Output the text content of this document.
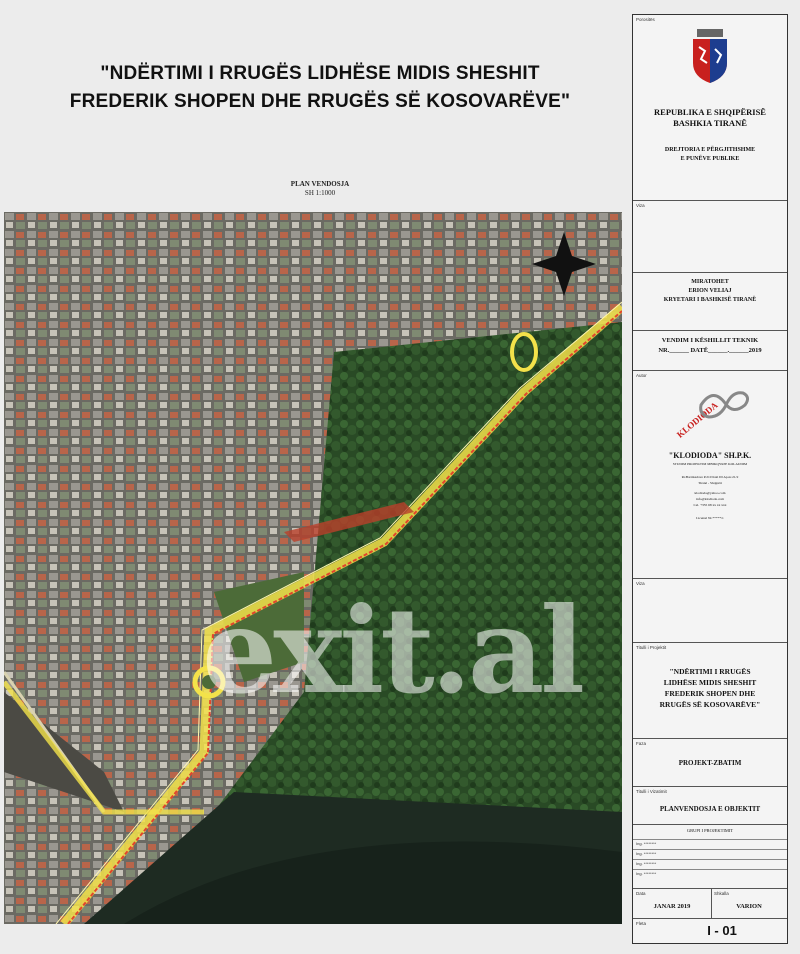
"NDËRTIMI I RRUGËS LIDHËSE MIDIS SHESHIT
FREDERIK SHOPEN DHE RRUGËS SË KOSOVARËVE"
PLAN VENDOSJA
SH 1:1000
exit.al
Porositës
REPUBLIKA E SHQIPËRISË
BASHKIA TIRANË
DREJTORIA E PËRGJITHSHME
E PUNËVE PUBLIKE
Viza
MIRATOHET
ERION VELIAJ
KRYETARI I BASHKISË TIRANË
VENDIM I KËSHILLIT TEKNIK
NR.______ DATË______.______2019
Autor
KLODIODA
"KLODIODA" SH.P.K.
STUDIM PROJEKTIM MBIKQYRJE KOLAUDIM
Rr.Barrikadave P.210 Kati III Ap.nr.21/2
Tiranë - Shqipëri
klodioda@yahoo.com
info@klodioda.com
Cel. +355 68 xx xx xxx
Licensë Nr.*****/1
Viza
Titulli i Projektit
"NDËRTIMI I RRUGËS
LIDHËSE MIDIS SHESHIT
FREDERIK SHOPEN DHE
RRUGËS SË KOSOVARËVE"
Faza
PROJEKT-ZBATIM
Titulli i Vizatimit
PLANVENDOSJA E OBJEKTIT
GRUPI I PROJEKTIMIT
Ing. ********
Ing. ********
Ing. ********
Ing. ********
Data
JANAR 2019
Shkalla
VARION
Fleta	I - 01
